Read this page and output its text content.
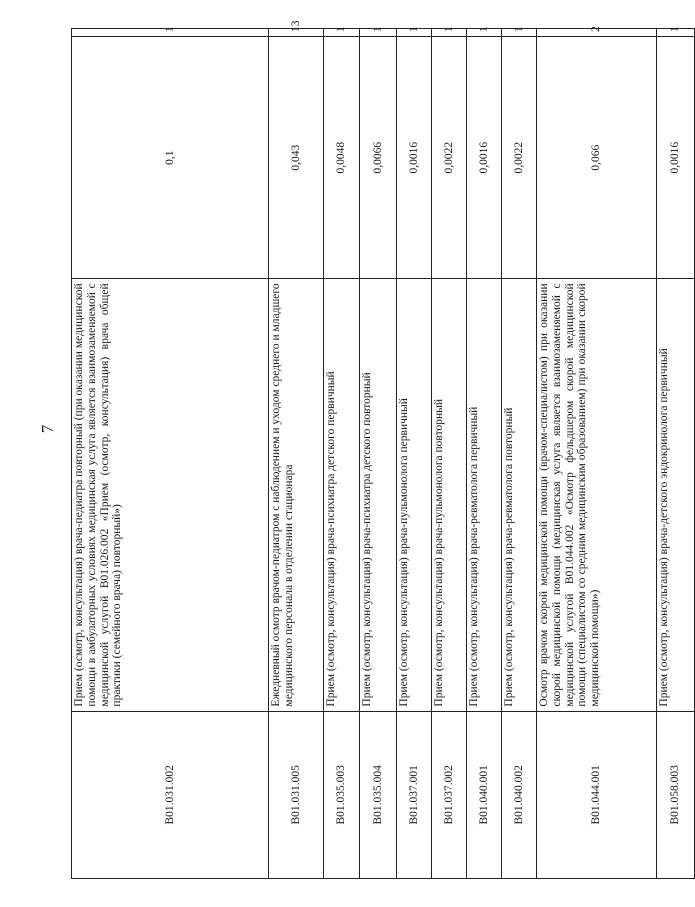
7
B01.031.002	Прием (осмотр, консультация) врача-педиатра повторный (при оказании медицинской помощи в амбулаторных условиях медицинская услуга является взаимозаменяемой с медицинской услугой B01.026.002 «Прием (осмотр, консультация) врача общей практики (семейного врача) повторный»)	0,1	1
B01.031.005	Ежедневный осмотр врачом-педиатром с наблюдением и уходом среднего и младшего медицинского персонала в отделении стационара	0,043	13
B01.035.003	Прием (осмотр, консультация) врача-психиатра детского первичный	0,0048	1
B01.035.004	Прием (осмотр, консультация) врача-психиатра детского повторный	0,0066	1
B01.037.001	Прием (осмотр, консультация) врача-пульмонолога первичный	0,0016	1
B01.037.002	Прием (осмотр, консультация) врача-пульмонолога повторный	0,0022	1
B01.040.001	Прием (осмотр, консультация) врача-ревматолога первичный	0,0016	1
B01.040.002	Прием (осмотр, консультация) врача-ревматолога повторный	0,0022	1
B01.044.001	Осмотр врачом скорой медицинской помощи (врачом-специалистом) при оказании скорой медицинской помощи (медицинская услуга является взаимозаменяемой с медицинской услугой B01.044.002 «Осмотр фельдшером скорой медицинской помощи (специалистом со средним медицинским образованием) при оказании скорой медицинской помощи»)	0,066	2
B01.058.003	Прием (осмотр, консультация) врача-детского эндокринолога первичный	0,0016	1
